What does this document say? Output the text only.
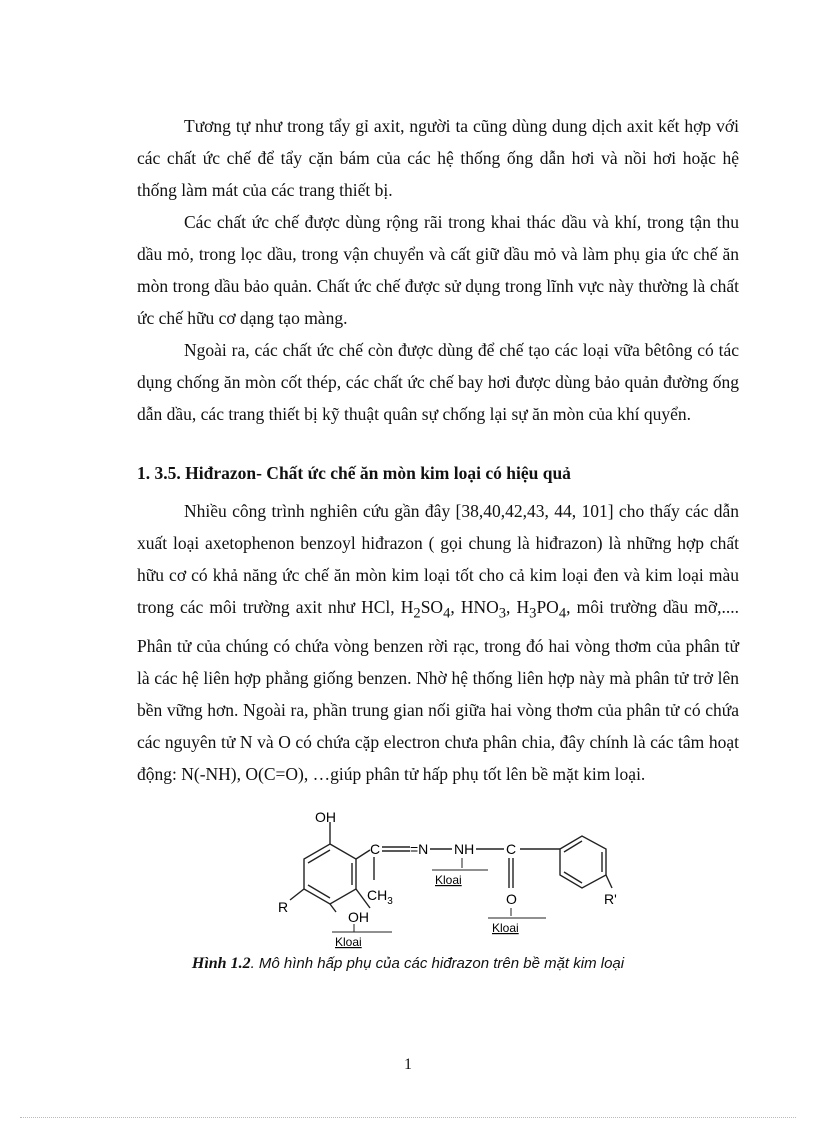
Tương tự như trong tẩy gỉ axit, người ta cũng dùng dung dịch axit kết hợp với các chất ức chế để tẩy cặn bám của các hệ thống ống dẫn hơi và nồi hơi hoặc hệ thống làm mát của các trang thiết bị.

Các chất ức chế được dùng rộng rãi trong khai thác dầu và khí, trong tận thu dầu mỏ, trong lọc dầu, trong vận chuyển và cất giữ dầu mỏ và làm phụ gia ức chế ăn mòn trong dầu bảo quản. Chất ức chế được sử dụng trong lĩnh vực này thường là chất ức chế hữu cơ dạng tạo màng.

Ngoài ra, các chất ức chế còn được dùng để chế tạo các loại vữa bêtông có tác dụng chống ăn mòn cốt thép, các chất ức chế bay hơi được dùng bảo quản đường ống dẫn dầu, các trang thiết bị kỹ thuật quân sự chống lại sự ăn mòn của khí quyển.

1. 3.5. Hiđrazon- Chất ức chế ăn mòn kim loại có hiệu quả

Nhiều công trình nghiên cứu gần đây [38,40,42,43, 44, 101] cho thấy các dẫn xuất loại axetophenon benzoyl hiđrazon ( gọi chung là hiđrazon) là những hợp chất hữu cơ có khả năng ức chế ăn mòn kim loại tốt cho cả kim loại đen và kim loại màu trong các môi trường axit như HCl, $H_2SO_4$, $HNO_3$, $H_3PO_4$, môi trường dầu mỡ,.... Phân tử của chúng có chứa vòng benzen rời rạc, trong đó hai vòng thơm của phân tử là các hệ liên hợp phẳng giống benzen. Nhờ hệ thống liên hợp này mà phân tử trở lên bền vững hơn. Ngoài ra, phần trung gian nối giữa hai vòng thơm của phân tử có chứa các nguyên tử N và O có chứa cặp electron chưa phân chia, đây chính là các tâm hoạt động: N(-NH), O(C=O), …giúp phân tử hấp phụ tốt lên bề mặt kim loại.

OH
R
OH
Kloai
C =N NH
Kloai
C
$CH_3$	O
Kloai
R'
Hình 1.2. Mô hình hấp phụ của các hiđrazon trên bề mặt kim loại
1
